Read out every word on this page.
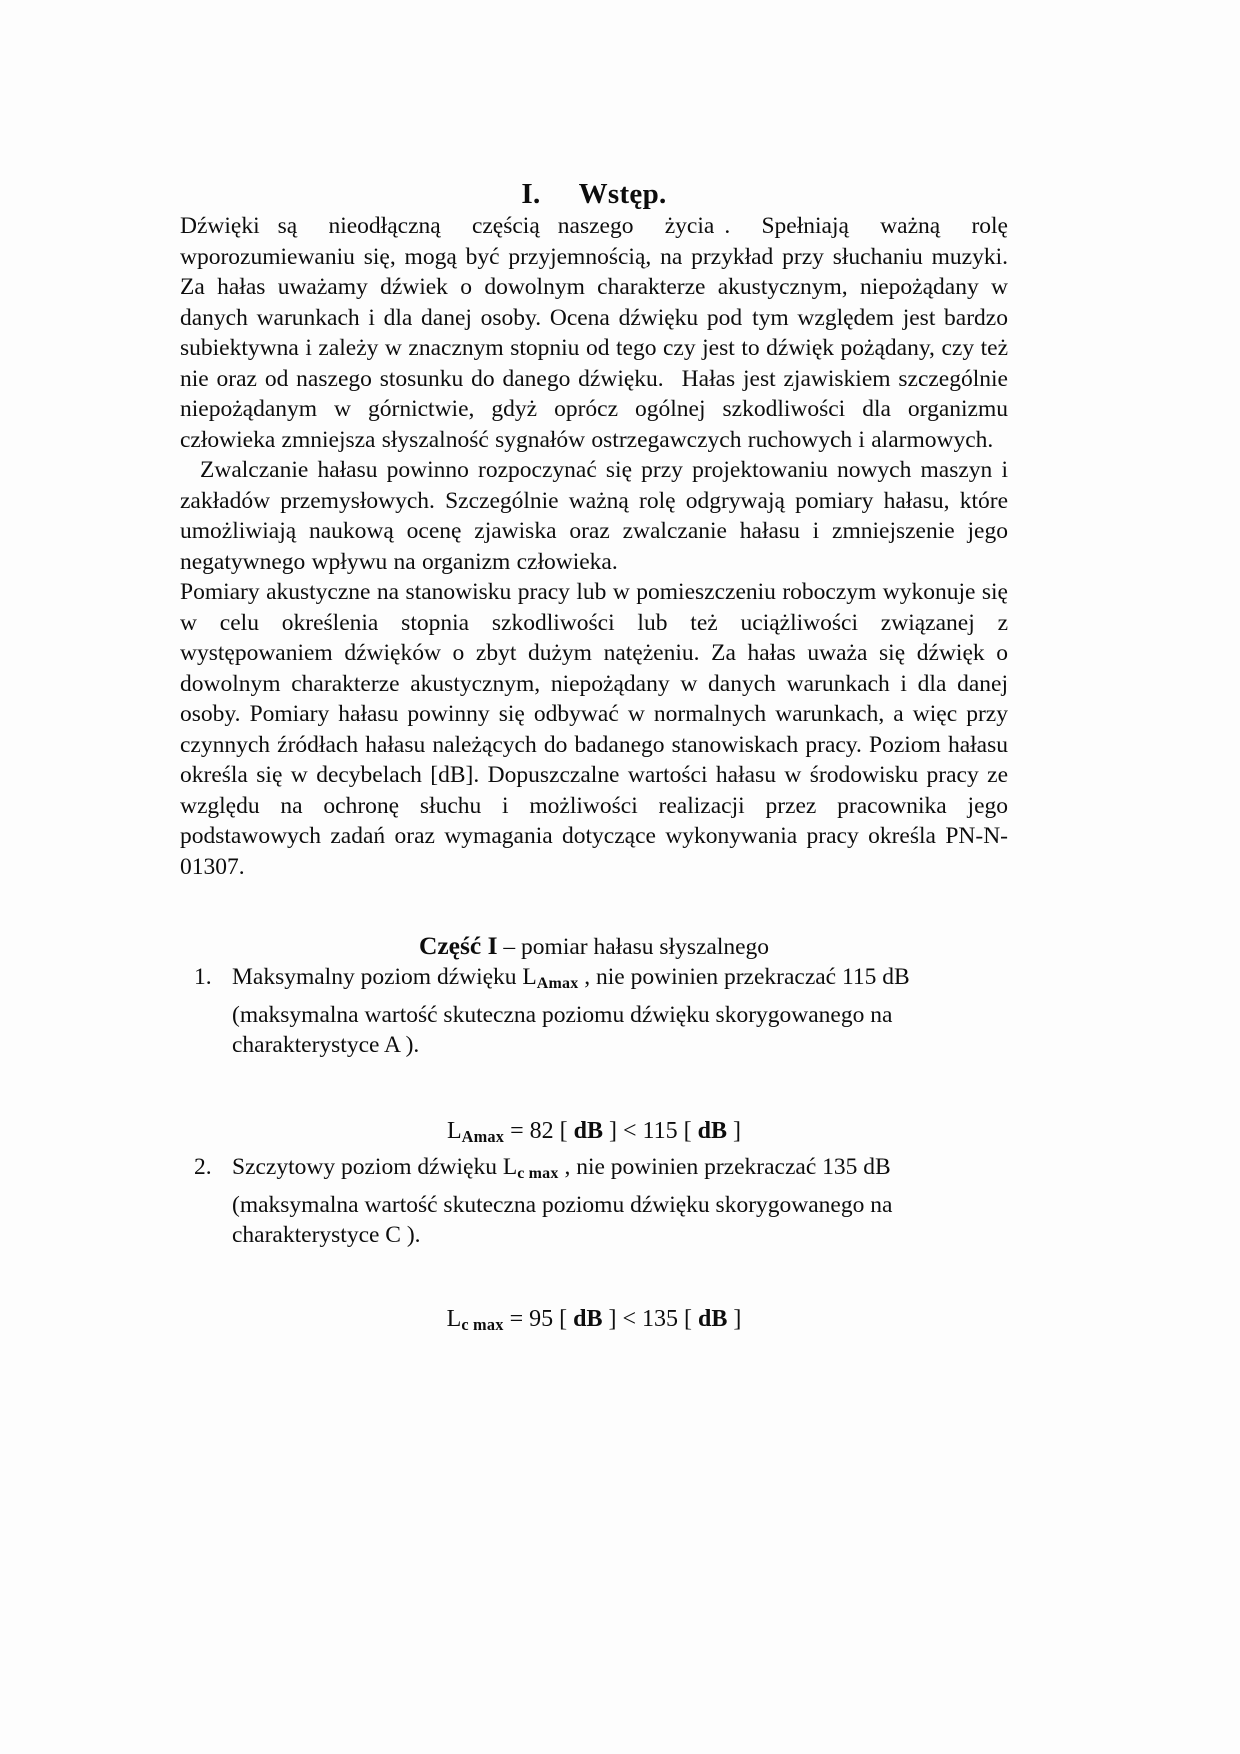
I. Wstęp.

Dźwięki są nieodłączną częścią naszego życia . Spełniają ważną rolę wporozumiewaniu się, mogą być przyjemnością, na przykład przy słuchaniu muzyki. Za hałas uważamy dźwiek o dowolnym charakterze akustycznym, niepożądany w danych warunkach i dla danej osoby. Ocena dźwięku pod tym względem jest bardzo subiektywna i zależy w znacznym stopniu od tego czy jest to dźwięk pożądany, czy też nie oraz od naszego stosunku do danego dźwięku. Hałas jest zjawiskiem szczególnie niepożądanym w górnictwie, gdyż oprócz ogólnej szkodliwości dla organizmu człowieka zmniejsza słyszalność sygnałów ostrzegawczych ruchowych i alarmowych.

Zwalczanie hałasu powinno rozpoczynać się przy projektowaniu nowych maszyn i zakładów przemysłowych. Szczególnie ważną rolę odgrywają pomiary hałasu, które umożliwiają naukową ocenę zjawiska oraz zwalczanie hałasu i zmniejszenie jego negatywnego wpływu na organizm człowieka.

Pomiary akustyczne na stanowisku pracy lub w pomieszczeniu roboczym wykonuje się w celu określenia stopnia szkodliwości lub też uciążliwości związanej z występowaniem dźwięków o zbyt dużym natężeniu. Za hałas uważa się dźwięk o dowolnym charakterze akustycznym, niepożądany w danych warunkach i dla danej osoby. Pomiary hałasu powinny się odbywać w normalnych warunkach, a więc przy czynnych źródłach hałasu należących do badanego stanowiskach pracy. Poziom hałasu określa się w decybelach [dB]. Dopuszczalne wartości hałasu w środowisku pracy ze względu na ochronę słuchu i możliwości realizacji przez pracownika jego podstawowych zadań oraz wymagania dotyczące wykonywania pracy określa PN-N-01307.

Część I – pomiar hałasu słyszalnego

1. Maksymalny poziom dźwięku $L_{Amax}$ , nie powinien przekraczać 115 dB (maksymalna wartość skuteczna poziomu dźwięku skorygowanego na charakterystyce A ).
$L_{Amax} = 82$ [ dB ] < 115 [ dB ]
2. Szczytowy poziom dźwięku $L_{c max}$ , nie powinien przekraczać 135 dB (maksymalna wartość skuteczna poziomu dźwięku skorygowanego na charakterystyce C ).
$L_{c max} = 95$ [ dB ] < 135 [ dB ]
